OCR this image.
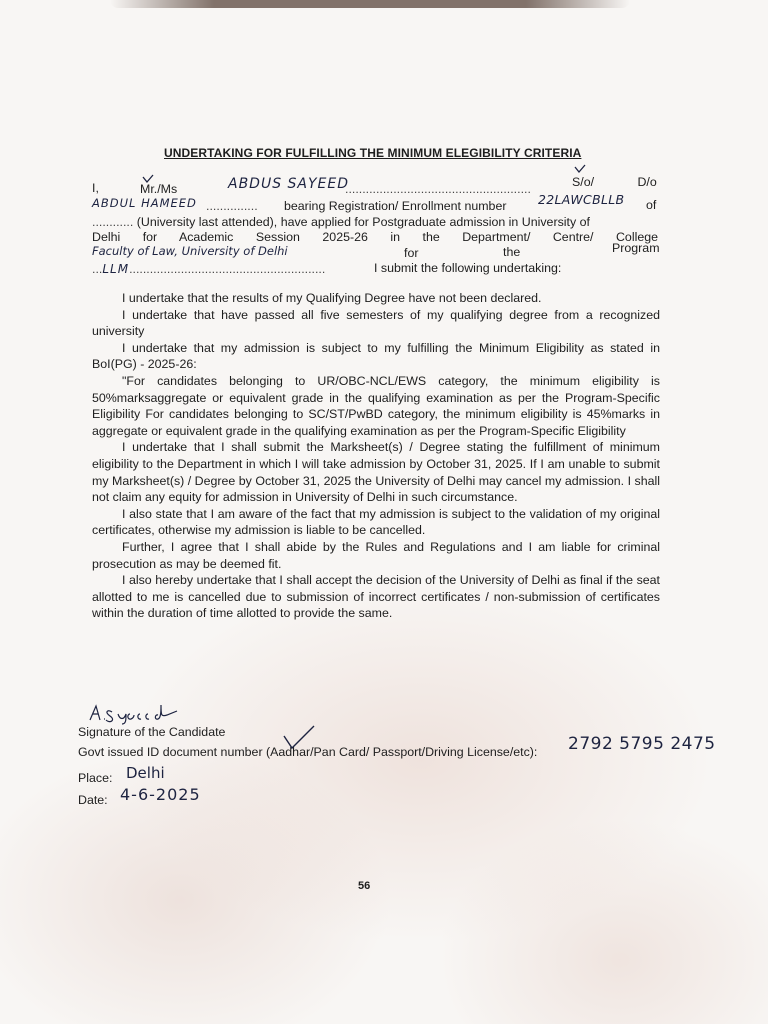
UNDERTAKING FOR FULFILLING THE MINIMUM ELEGIBILITY CRITERIA
I,	Mr./Ms	ABDUS SAYEED
......................................................	S/o/ D/o
ABDUL HAMEED ............... bearing Registration/ Enrollment number	22LAWCBLLB of
............ (University last attended), have applied for Postgraduate admission in University of
Delhi for Academic Session 2025-26 in the Department/ Centre/ College
Faculty of Law, University of Delhi	for	the	Program
...LLM.........................................................	I submit the following undertaking:

I undertake that the results of my Qualifying Degree have not been declared.

I undertake that have passed all five semesters of my qualifying degree from a recognized university

I undertake that my admission is subject to my fulfilling the Minimum Eligibility as stated in BoI(PG) - 2025-26:

"For candidates belonging to UR/OBC-NCL/EWS category, the minimum eligibility is 50%marksaggregate or equivalent grade in the qualifying examination as per the Program-Specific Eligibility For candidates belonging to SC/ST/PwBD category, the minimum eligibility is 45%marks in aggregate or equivalent grade in the qualifying examination as per the Program-Specific Eligibility

I undertake that I shall submit the Marksheet(s) / Degree stating the fulfillment of minimum eligibility to the Department in which I will take admission by October 31, 2025. If I am unable to submit my Marksheet(s) / Degree by October 31, 2025 the University of Delhi may cancel my admission. I shall not claim any equity for admission in University of Delhi in such circumstance.

I also state that I am aware of the fact that my admission is subject to the validation of my original certificates, otherwise my admission is liable to be cancelled.

Further, I agree that I shall abide by the Rules and Regulations and I am liable for criminal prosecution as may be deemed fit.

I also hereby undertake that I shall accept the decision of the University of Delhi as final if the seat allotted to me is cancelled due to submission of incorrect certificates / non-submission of certificates within the duration of time allotted to provide the same.

Signature of the Candidate
Govt issued ID document number (Aadhar/Pan Card/ Passport/Driving License/etc): 2792 5795 2475
Place: Delhi
Date: 4-6-2025
56
